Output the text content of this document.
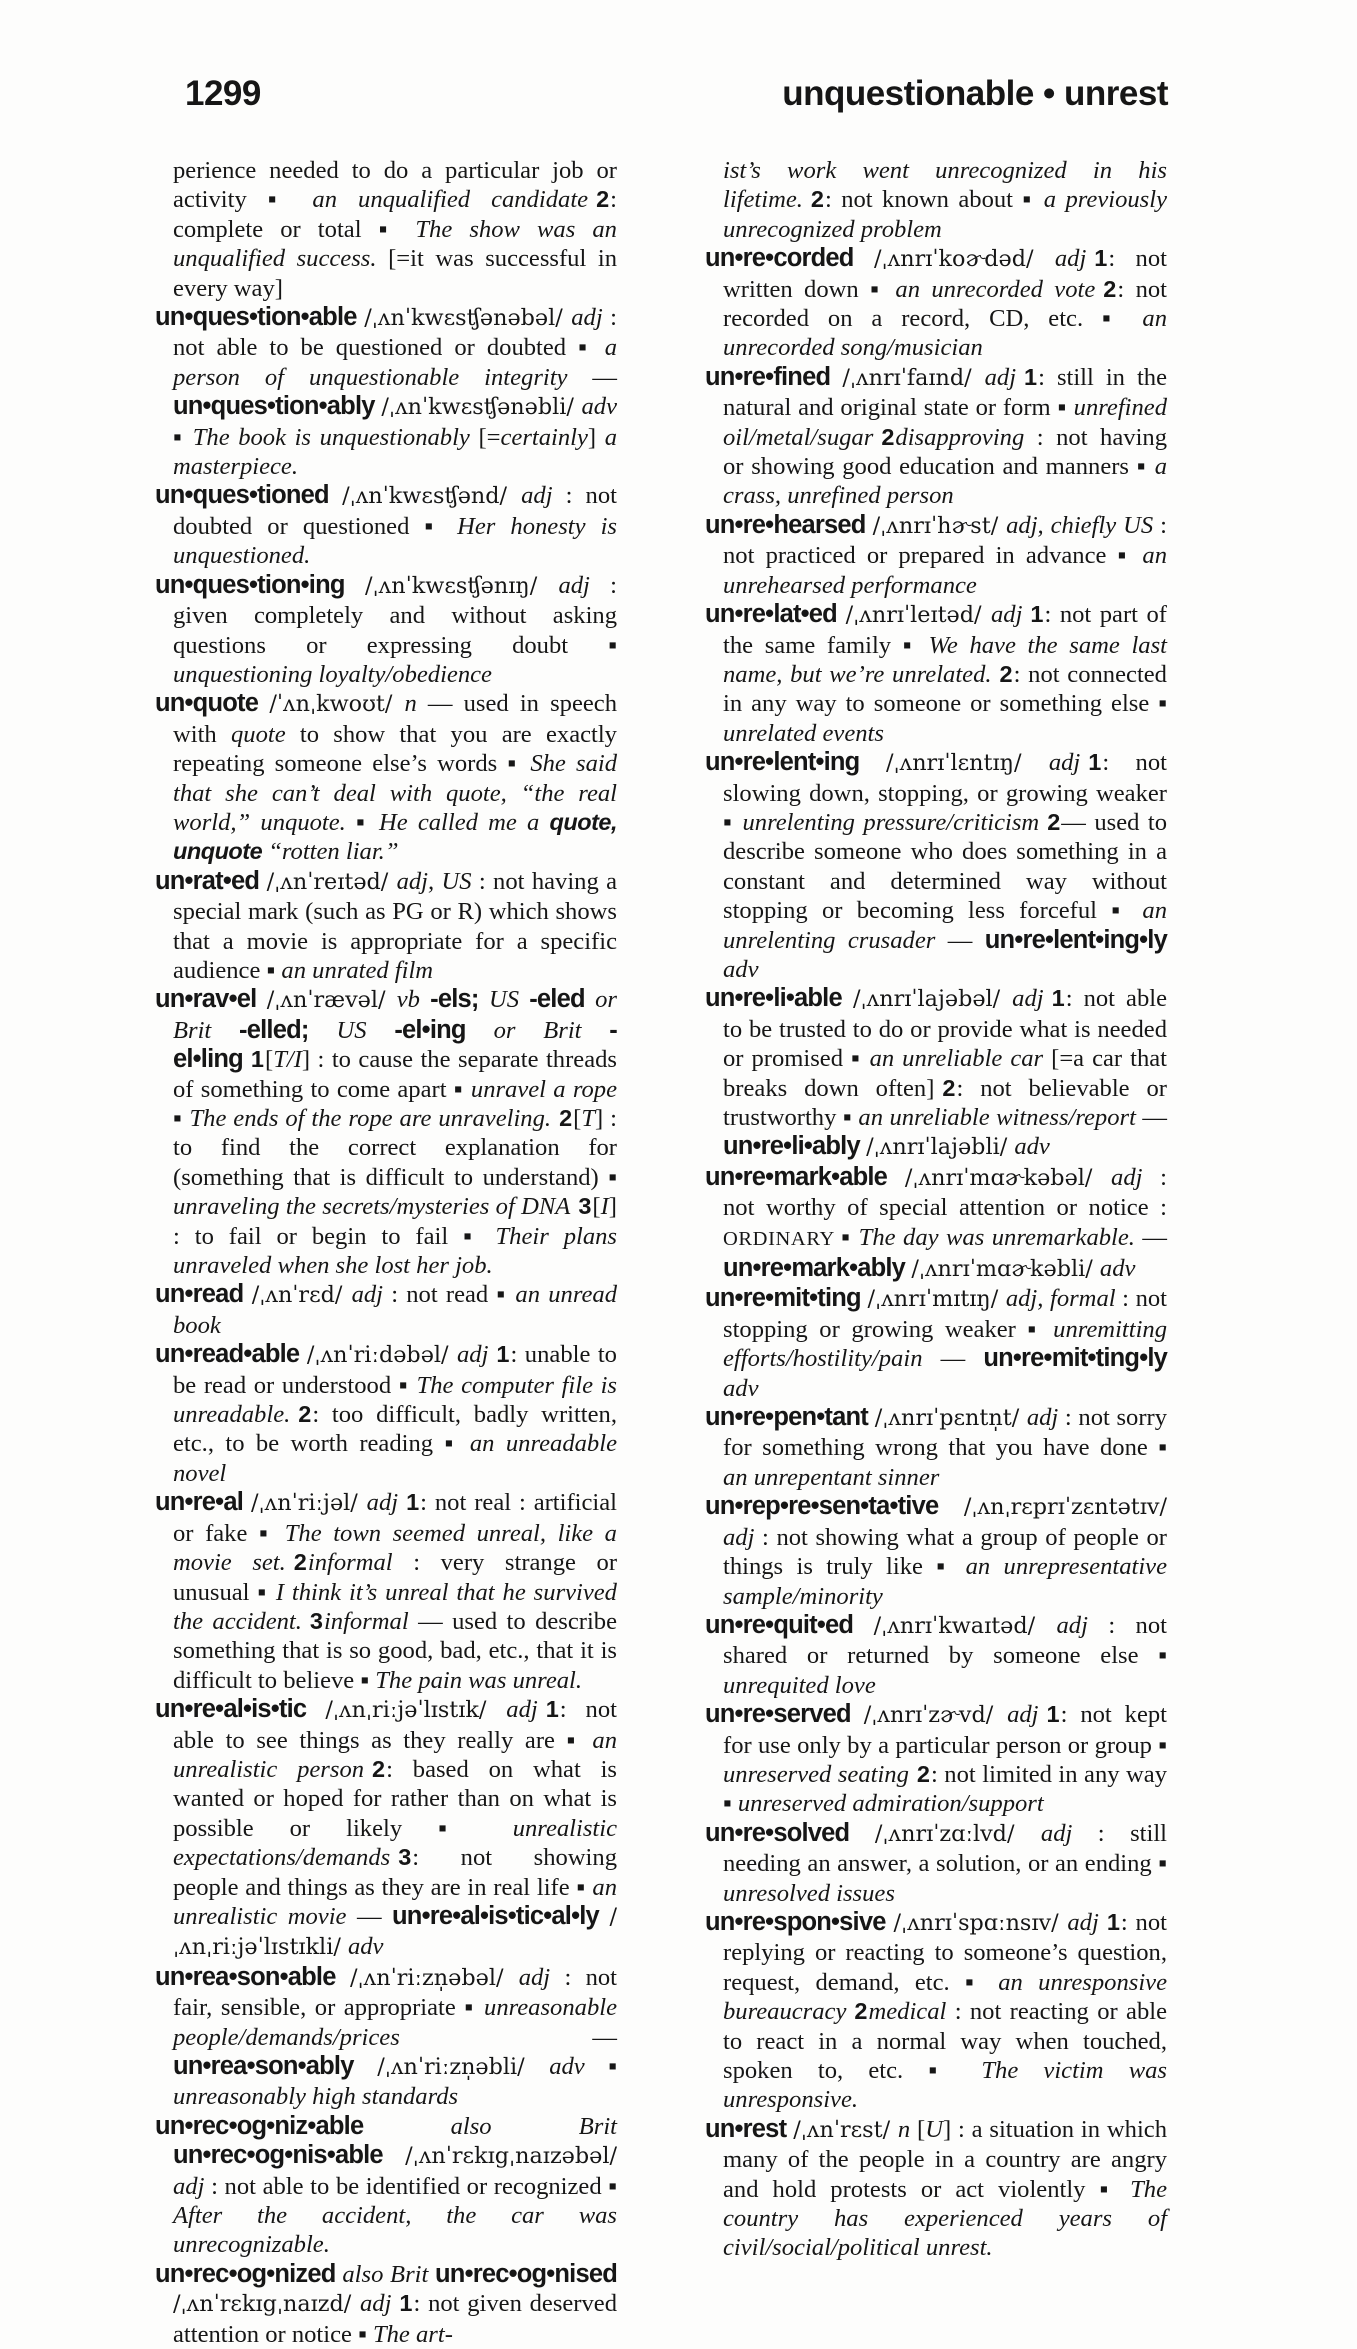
1299	unquestionable • unrest

perience needed to do a particular job or activity ▪ an unqualified candidate 2: complete or total ▪ The show was an unqualified success. [=it was successful in every way]

un•ques•tion•able /ˌʌnˈkwɛsʧənəbəl/ adj : not able to be questioned or doubted ▪ a person of unquestionable integrity — un•ques•tion•ably /ˌʌnˈkwɛsʧənəbli/ adv ▪ The book is unquestionably [=certainly] a masterpiece.

un•ques•tioned /ˌʌnˈkwɛsʧənd/ adj : not doubted or questioned ▪ Her honesty is unquestioned.

un•ques•tion•ing /ˌʌnˈkwɛsʧənɪŋ/ adj : given completely and without asking questions or expressing doubt ▪ unquestioning loyalty/obedience

un•quote /ˈʌnˌkwoʊt/ n — used in speech with quote to show that you are exactly repeating someone else’s words ▪ She said that she can’t deal with quote, “the real world,” unquote. ▪ He called me a quote, unquote “rotten liar.”

un•rat•ed /ˌʌnˈreɪtəd/ adj, US : not having a special mark (such as PG or R) which shows that a movie is appropriate for a specific audience ▪ an unrated film

un•rav•el /ˌʌnˈrævəl/ vb -els; US -eled or Brit -elled; US -el•ing or Brit -el•ling 1[T/I] : to cause the separate threads of something to come apart ▪ unravel a rope ▪ The ends of the rope are unraveling. 2[T] : to find the correct explanation for (something that is difficult to understand) ▪ unraveling the secrets/mysteries of DNA 3[I] : to fail or begin to fail ▪ Their plans unraveled when she lost her job.

un•read /ˌʌnˈrɛd/ adj : not read ▪ an unread book

un•read•able /ˌʌnˈriːdəbəl/ adj 1: unable to be read or understood ▪ The computer file is unreadable. 2: too difficult, badly written, etc., to be worth reading ▪ an unreadable novel

un•re•al /ˌʌnˈriːjəl/ adj 1: not real : artificial or fake ▪ The town seemed unreal, like a movie set. 2informal : very strange or unusual ▪ I think it’s unreal that he survived the accident. 3informal — used to describe something that is so good, bad, etc., that it is difficult to believe ▪ The pain was unreal.

un•re•al•is•tic /ˌʌnˌriːjəˈlɪstɪk/ adj 1: not able to see things as they really are ▪ an unrealistic person 2: based on what is wanted or hoped for rather than on what is possible or likely ▪ unrealistic expectations/demands 3: not showing people and things as they are in real life ▪ an unrealistic movie — un•re•al•is•tic•al•ly /ˌʌnˌriːjəˈlɪstɪkli/ adv

un•rea•son•able /ˌʌnˈriːzn̩əbəl/ adj : not fair, sensible, or appropriate ▪ unreasonable people/demands/prices — un•rea•son•ably /ˌʌnˈriːzn̩əbli/ adv ▪ unreasonably high standards

un•rec•og•niz•able also Brit un•rec•og•nis•able /ˌʌnˈrɛkɪgˌnaɪzəbəl/ adj : not able to be identified or recognized ▪ After the accident, the car was unrecognizable.

un•rec•og•nized also Brit un•rec•og•nised /ˌʌnˈrɛkɪgˌnaɪzd/ adj 1: not given deserved attention or notice ▪ The art-

ist’s work went unrecognized in his lifetime. 2: not known about ▪ a previously unrecognized problem

un•re•corded /ˌʌnrɪˈkoɚdəd/ adj 1: not written down ▪ an unrecorded vote 2: not recorded on a record, CD, etc. ▪ an unrecorded song/musician

un•re•fined /ˌʌnrɪˈfaɪnd/ adj 1: still in the natural and original state or form ▪ unrefined oil/metal/sugar 2disapproving : not having or showing good education and manners ▪ a crass, unrefined person

un•re•hearsed /ˌʌnrɪˈhɚst/ adj, chiefly US : not practiced or prepared in advance ▪ an unrehearsed performance

un•re•lat•ed /ˌʌnrɪˈleɪtəd/ adj 1: not part of the same family ▪ We have the same last name, but we’re unrelated. 2: not connected in any way to someone or something else ▪ unrelated events

un•re•lent•ing /ˌʌnrɪˈlɛntɪŋ/ adj 1: not slowing down, stopping, or growing weaker ▪ unrelenting pressure/criticism 2— used to describe someone who does something in a constant and determined way without stopping or becoming less forceful ▪ an unrelenting crusader — un•re•lent•ing•ly adv

un•re•li•able /ˌʌnrɪˈlajəbəl/ adj 1: not able to be trusted to do or provide what is needed or promised ▪ an unreliable car [=a car that breaks down often] 2: not believable or trustworthy ▪ an unreliable witness/report — un•re•li•ably /ˌʌnrɪˈlajəbli/ adv

un•re•mark•able /ˌʌnrɪˈmɑɚkəbəl/ adj : not worthy of special attention or notice : ORDINARY ▪ The day was unremarkable. — un•re•mark•ably /ˌʌnrɪˈmɑɚkəbli/ adv

un•re•mit•ting /ˌʌnrɪˈmɪtɪŋ/ adj, formal : not stopping or growing weaker ▪ unremitting efforts/hostility/pain — un•re•mit•ting•ly adv

un•re•pen•tant /ˌʌnrɪˈpɛntn̩t/ adj : not sorry for something wrong that you have done ▪ an unrepentant sinner

un•rep•re•sen•ta•tive /ˌʌnˌrɛprɪˈzɛntətɪv/ adj : not showing what a group of people or things is truly like ▪ an unrepresentative sample/minority

un•re•quit•ed /ˌʌnrɪˈkwaɪtəd/ adj : not shared or returned by someone else ▪ unrequited love

un•re•served /ˌʌnrɪˈzɚvd/ adj 1: not kept for use only by a particular person or group ▪ unreserved seating 2: not limited in any way ▪ unreserved admiration/support

un•re•solved /ˌʌnrɪˈzɑːlvd/ adj : still needing an answer, a solution, or an ending ▪ unresolved issues

un•re•spon•sive /ˌʌnrɪˈspɑːnsɪv/ adj 1: not replying or reacting to someone’s question, request, demand, etc. ▪ an unresponsive bureaucracy 2medical : not reacting or able to react in a normal way when touched, spoken to, etc. ▪ The victim was unresponsive.

un•rest /ˌʌnˈrɛst/ n [U] : a situation in which many of the people in a country are angry and hold protests or act violently ▪ The country has experienced years of civil/social/political unrest.
